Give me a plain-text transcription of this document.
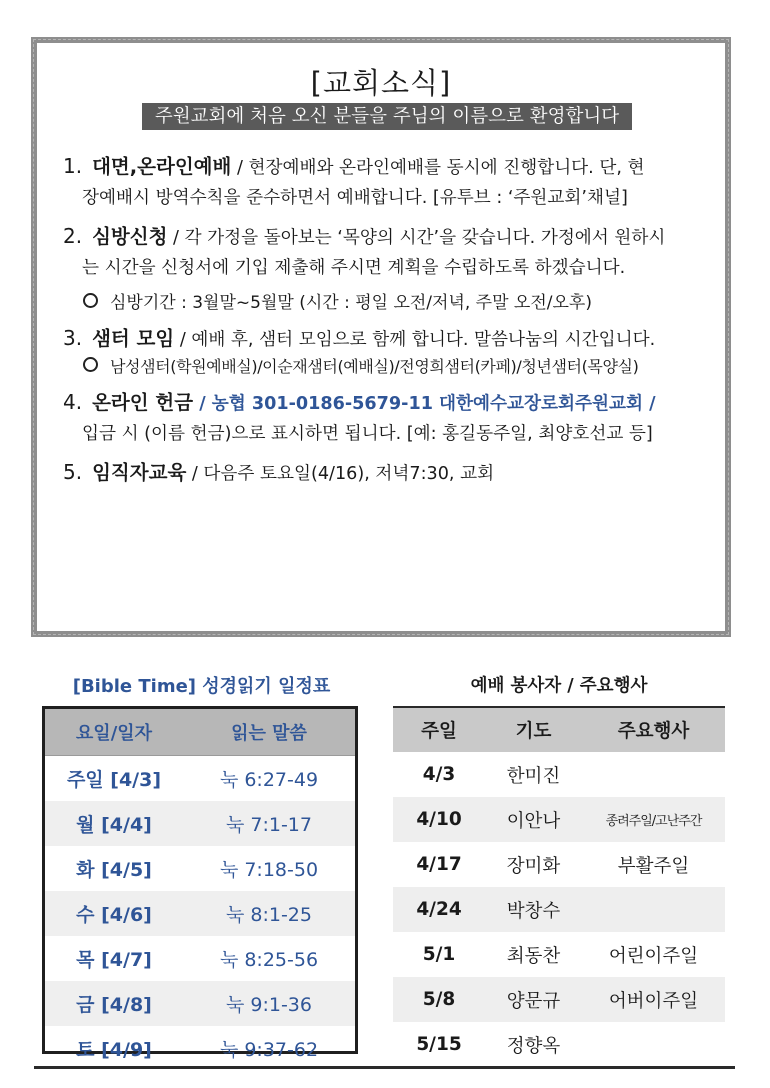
[교회소식]
주원교회에 처음 오신 분들을 주님의 이름으로 환영합니다
1. 대면,온라인예배 / 현장예배와 온라인예배를 동시에 진행합니다. 단, 현
장예배시 방역수칙을 준수하면서 예배합니다. [유투브 : ‘주원교회’채널]
2. 심방신청 / 각 가정을 돌아보는 ‘목양의 시간’을 갖습니다. 가정에서 원하시
는 시간을 신청서에 기입 제출해 주시면 계획을 수립하도록 하겠습니다.
심방기간 : 3월말~5월말 (시간 : 평일 오전/저녁, 주말 오전/오후)
3. 샘터 모임 / 예배 후, 샘터 모임으로 함께 합니다. 말씀나눔의 시간입니다.
남성샘터(학원예배실)/이순재샘터(예배실)/전영희샘터(카페)/청년샘터(목양실)
4. 온라인 헌금 / 농협 301-0186-5679-11 대한예수교장로회주원교회 /
입금 시 (이름 헌금)으로 표시하면 됩니다. [예: 홍길동주일, 최양호선교 등]
5. 임직자교육 / 다음주 토요일(4/16), 저녁7:30, 교회
[Bible Time] 성경읽기 일정표
요일/일자	읽는 말씀
주일 [4/3]	눅 6:27-49
월 [4/4]	눅 7:1-17
화 [4/5]	눅 7:18-50
수 [4/6]	눅 8:1-25
목 [4/7]	눅 8:25-56
금 [4/8]	눅 9:1-36
토 [4/9]	눅 9:37-62
예배 봉사자 / 주요행사
주일	기도	주요행사
4/3	한미진	
4/10	이안나	종려주일/고난주간
4/17	장미화	부활주일
4/24	박창수	
5/1	최동찬	어린이주일
5/8	양문규	어버이주일
5/15	정향옥	
